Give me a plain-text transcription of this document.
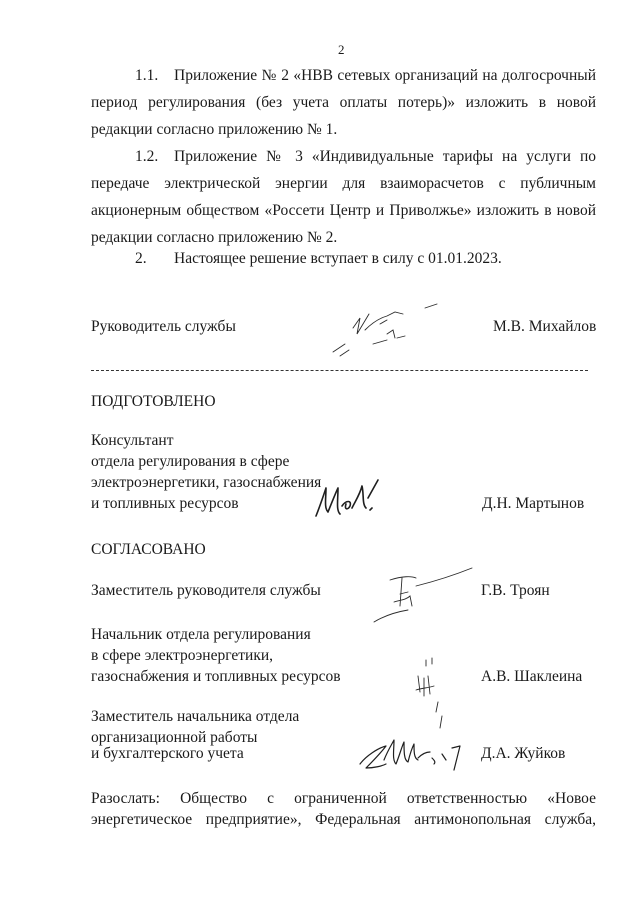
2
1.1. Приложение № 2 «НВВ сетевых организаций на долгосрочный
период регулирования (без учета оплаты потерь)» изложить в новой
редакции согласно приложению № 1.
1.2. Приложение № 3 «Индивидуальные тарифы на услуги по
передаче электрической энергии для взаиморасчетов с публичным
акционерным обществом «Россети Центр и Приволжье» изложить в новой
редакции согласно приложению № 2.
2. Настоящее решение вступает в силу с 01.01.2023.
Руководитель службы	М.В. Михайлов
ПОДГОТОВЛЕНО
Консультант
отдела регулирования в сфере
электроэнергетики, газоснабжения
и топливных ресурсов	Д.Н. Мартынов
СОГЛАСОВАНО
Заместитель руководителя службы	Г.В. Троян
Начальник отдела регулирования
в сфере электроэнергетики,
газоснабжения и топливных ресурсов	А.В. Шаклеина
Заместитель начальника отдела
организационной работы
и бухгалтерского учета	Д.А. Жуйков
Разослать: Общество с ограниченной ответственностью «Новое
энергетическое предприятие», Федеральная антимонопольная служба,
